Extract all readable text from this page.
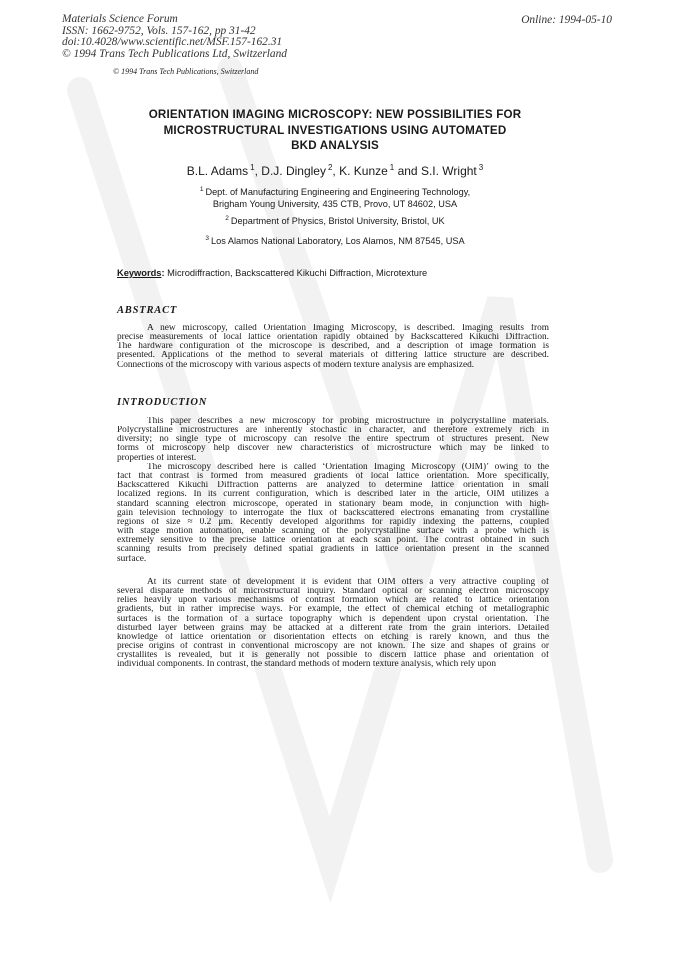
Materials Science Forum
ISSN: 1662-9752, Vols. 157-162, pp 31-42
doi:10.4028/www.scientific.net/MSF.157-162.31
© 1994 Trans Tech Publications Ltd, Switzerland
Online: 1994-05-10
© 1994 Trans Tech Publications, Switzerland
ORIENTATION IMAGING MICROSCOPY: NEW POSSIBILITIES FOR
MICROSTRUCTURAL INVESTIGATIONS USING AUTOMATED
BKD ANALYSIS
B.L. Adams $^1$, D.J. Dingley $^2$, K. Kunze $^1$ and S.I. Wright $^3$
$^1$ Dept. of Manufacturing Engineering and Engineering Technology,
Brigham Young University, 435 CTB, Provo, UT 84602, USA
$^2$ Department of Physics, Bristol University, Bristol, UK
$^3$ Los Alamos National Laboratory, Los Alamos, NM 87545, USA
Keywords: Microdiffraction, Backscattered Kikuchi Diffraction, Microtexture
ABSTRACT
A new microscopy, called Orientation Imaging Microscopy, is described. Imaging results from
precise measurements of local lattice orientation rapidly obtained by Backscattered Kikuchi Diffraction.
The hardware configuration of the microscope is described, and a description of image formation is
presented. Applications of the method to several materials of differing lattice structure are described.
Connections of the microscopy with various aspects of modern texture analysis are emphasized.
INTRODUCTION
This paper describes a new microscopy for probing microstructure in polycrystalline materials.
Polycrystalline microstructures are inherently stochastic in character, and therefore extremely rich in
diversity; no single type of microscopy can resolve the entire spectrum of structures present. New
forms of microscopy help discover new characteristics of microstructure which may be linked to
properties of interest.
The microscopy described here is called ‘Orientation Imaging Microscopy (OIM)’ owing to the
fact that contrast is formed from measured gradients of local lattice orientation. More specifically,
Backscattered Kikuchi Diffraction patterns are analyzed to determine lattice orientation in small
localized regions. In its current configuration, which is described later in the article, OIM utilizes a
standard scanning electron microscope, operated in stationary beam mode, in conjunction with high-
gain television technology to interrogate the flux of backscattered electrons emanating from crystalline
regions of size ≈ 0.2 μm. Recently developed algorithms for rapidly indexing the patterns, coupled
with stage motion automation, enable scanning of the polycrystalline surface with a probe which is
extremely sensitive to the precise lattice orientation at each scan point. The contrast obtained in such
scanning results from precisely defined spatial gradients in lattice orientation present in the scanned
surface.
At its current state of development it is evident that OIM offers a very attractive coupling of
several disparate methods of microstructural inquiry. Standard optical or scanning electron microscopy
relies heavily upon various mechanisms of contrast formation which are related to lattice orientation
gradients, but in rather imprecise ways. For example, the effect of chemical etching of metallographic
surfaces is the formation of a surface topography which is dependent upon crystal orientation. The
disturbed layer between grains may be attacked at a different rate from the grain interiors. Detailed
knowledge of lattice orientation or disorientation effects on etching is rarely known, and thus the
precise origins of contrast in conventional microscopy are not known. The size and shapes of grains or
crystallites is revealed, but it is generally not possible to discern lattice phase and orientation of
individual components. In contrast, the standard methods of modern texture analysis, which rely upon
